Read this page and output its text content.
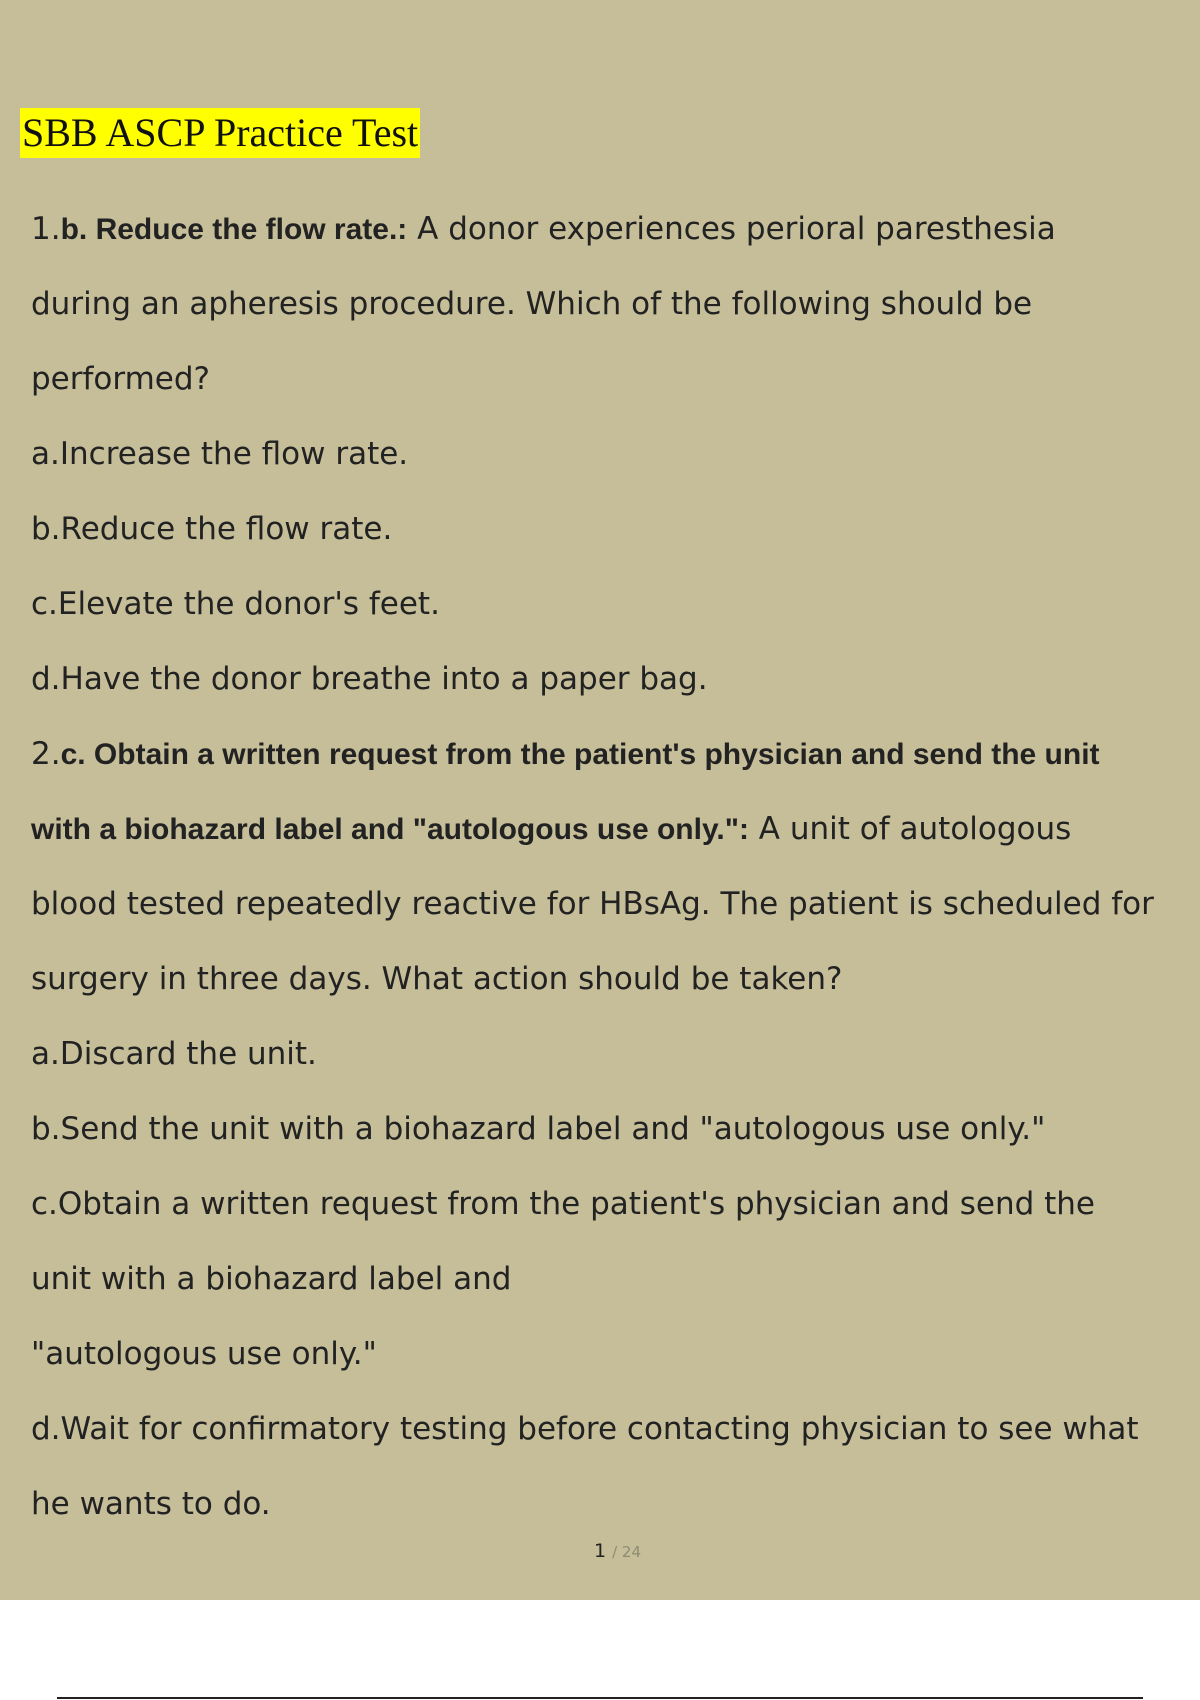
SBB ASCP Practice Test
1.b. Reduce the flow rate.: A donor experiences perioral paresthesia
during an apheresis procedure. Which of the following should be
performed?
a. Increase the flow rate.
b. Reduce the flow rate.
c. Elevate the donor's feet.
d. Have the donor breathe into a paper bag.
2.c. Obtain a written request from the patient's physician and send the unit
with a biohazard label and "autologous use only.": A unit of autologous
blood tested repeatedly reactive for HBsAg. The patient is scheduled for
surgery in three days. What action should be taken?
a. Discard the unit.
b. Send the unit with a biohazard label and "autologous use only."
c. Obtain a written request from the patient's physician and send the
unit with a biohazard label and
"autologous use only."
d. Wait for confirmatory testing before contacting physician to see what
he wants to do.
1 / 24
